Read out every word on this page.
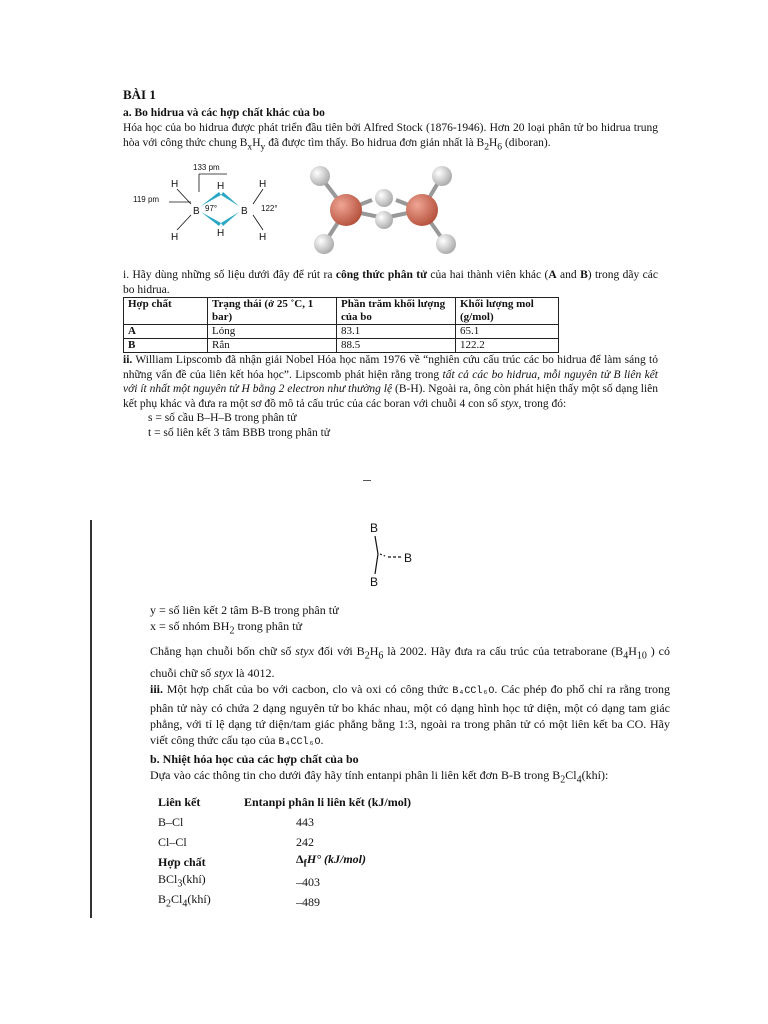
BÀI 1
a. Bo hidrua và các hợp chất khác của bo
Hóa học của bo hidrua được phát triển đầu tiên bởi Alfred Stock (1876-1946). Hơn 20 loại phân tử bo hidrua trung hòa với công thức chung $B_xH_y$ đã được tìm thấy. Bo hidrua đơn giản nhất là $B_2H_6$ (diboran).
133 pm
119 pm
97°	122°
H
H
H
H
H
H
B	B
i. Hãy dùng những số liệu dưới đây để rút ra công thức phân tử của hai thành viên khác (A and B) trong dãy các bo hidrua.
Hợp chất	Trạng thái (ở 25 ˚C, 1 bar)	Phần trăm khối lượng của bo	Khối lượng mol (g/mol)
A	Lỏng	83.1	65.1
B	Rắn	88.5	122.2
ii. William Lipscomb đã nhận giải Nobel Hóa học năm 1976 về “nghiên cứu cấu trúc các bo hidrua để làm sáng tỏ những vấn đề của liên kết hóa học”. Lipscomb phát hiện rằng trong tất cả các bo hidrua, mỗi nguyên tử B liên kết với ít nhất một nguyên tử H bằng 2 electron như thường lệ (B-H). Ngoài ra, ông còn phát hiện thấy một số dạng liên kết phụ khác và đưa ra một sơ đồ mô tả cấu trúc của các boran với chuỗi 4 con số styx, trong đó:
s = số cầu B–H–B trong phân tử
t = số liên kết 3 tâm BBB trong phân tử
B
B
B
y = số liên kết 2 tâm B-B trong phân tử
x = số nhóm $BH_2$ trong phân tử
Chẳng hạn chuỗi bốn chữ số styx đối với $B_2H_6$ là 2002. Hãy đưa ra cấu trúc của tetraborane ($B_4H_{10}$ ) có chuỗi chữ số styx là 4012.
iii. Một hợp chất của bo với cacbon, clo và oxi có công thức B₄CCl₆O. Các phép đo phổ chỉ ra rằng trong phân tử này có chứa 2 dạng nguyên tử bo khác nhau, một có dạng hình học tứ diện, một có dạng tam giác phẳng, với tỉ lệ dạng tứ diện/tam giác phẳng bằng 1:3, ngoài ra trong phân tử có một liên kết ba CO. Hãy viết công thức cấu tạo của B₄CCl₆O.
b. Nhiệt hóa học của các hợp chất của bo
Dựa vào các thông tin cho dưới đây hãy tính entanpi phân li liên kết đơn B-B trong $B_2Cl_4(khí)$:
Liên kết	Entanpi phân li liên kết (kJ/mol)
B–Cl	443
Cl–Cl	242
Hợp chất	$\Delta_fH^\circ$ (kJ/mol)
BCl$_3$(khí)	–403
$B_2Cl_4(khí)$	–489
